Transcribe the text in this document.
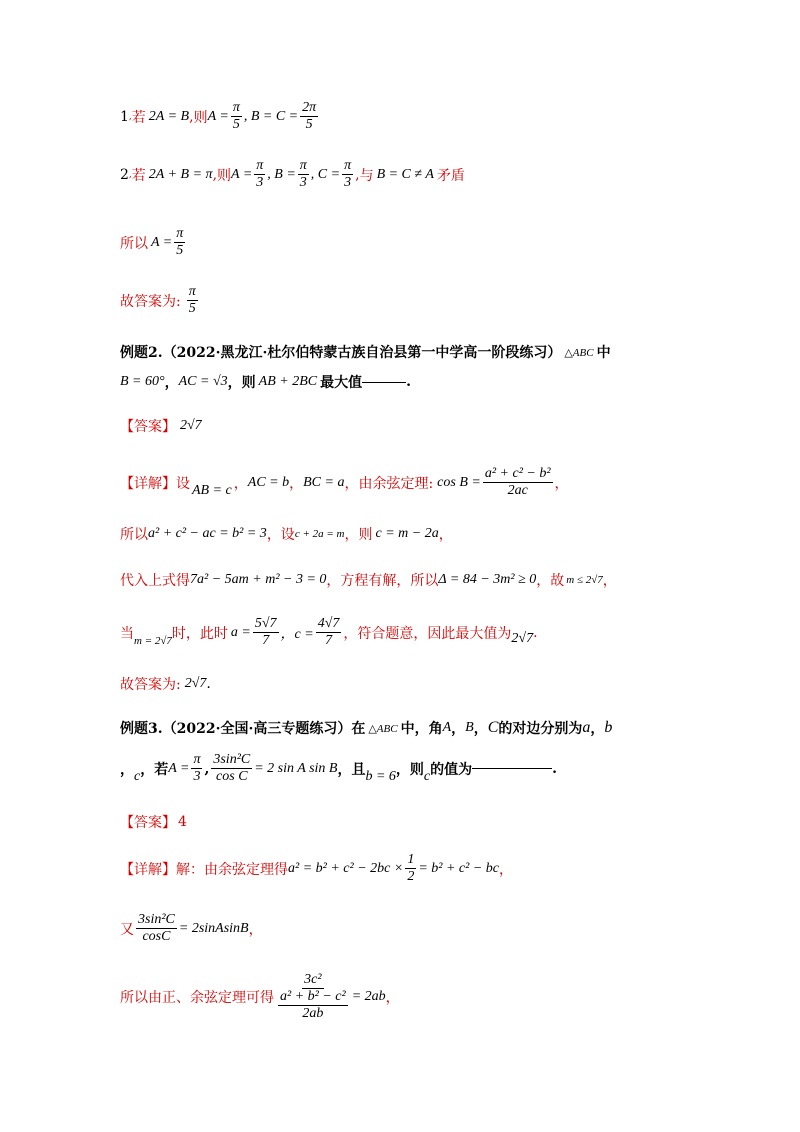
1 , 若 2A = B , 则 $A = \frac{\pi}{5}$ , $B = C = \frac{2\pi}{5}$
2 , 若 2A + B = π , 则 $A = \frac{\pi}{3}$ , $B = \frac{\pi}{3}$ , $C = \frac{\pi}{3}$ , 与 B = C ≠ A 矛盾
所以 $A = \frac{\pi}{5}$
故答案为: $\frac{\pi}{5}$
例题2.（2022·黑龙江·杜尔伯特蒙古族自治县第一中学高一阶段练习） △ABC 中
B = 60° ， AC = √3 ，则 AB + 2BC 最大值	.
【答案】 2√7
【详解】 设 AB = c ， AC = b ， BC = a ，由余弦定理: $\cos B = \frac{\text{a² + c² − b²}}{2ac}$ ，
所以 a² + c² − ac = b² = 3 ，设 c + 2a = m ，则 c = m − 2a ，
代入上式得 7a² − 5am + m² − 3 = 0 ，方程有解，所以 Δ = 84 − 3m² ≥ 0 ，故 m ≤ 2√7 ，
当 m = 2√7 时，此时 $a = \frac{5√7}{7}$ ，$c = \frac{4√7}{7}$ ，符合题意，因此最大值为 2√7 .
故答案为: 2√7 .
例题3.（2022·全国·高三专题练习）在 △ABC 中，角 A ， B ， C 的对边分别为 a ， b
， c ，若 $A = \frac{\pi}{3}$ , $\frac{\text{3sin²C}}{\text{cos C}} = 2$ sin A sin B ，且 b = 6 ，则 c 的值为	.
【答案】 4
【详解】 解：由余弦定理得 $a^2 = b^2 + c^2 - 2bc \times \frac{1}{2} = b^2 + c^2$ − bc ，
又 $\frac{\text{3sin²C}}{\cos C}$ = 2sinAsinB ，
所以由正、余弦定理可得 3c²
a² + b² − c²
2ab = 2ab ，
